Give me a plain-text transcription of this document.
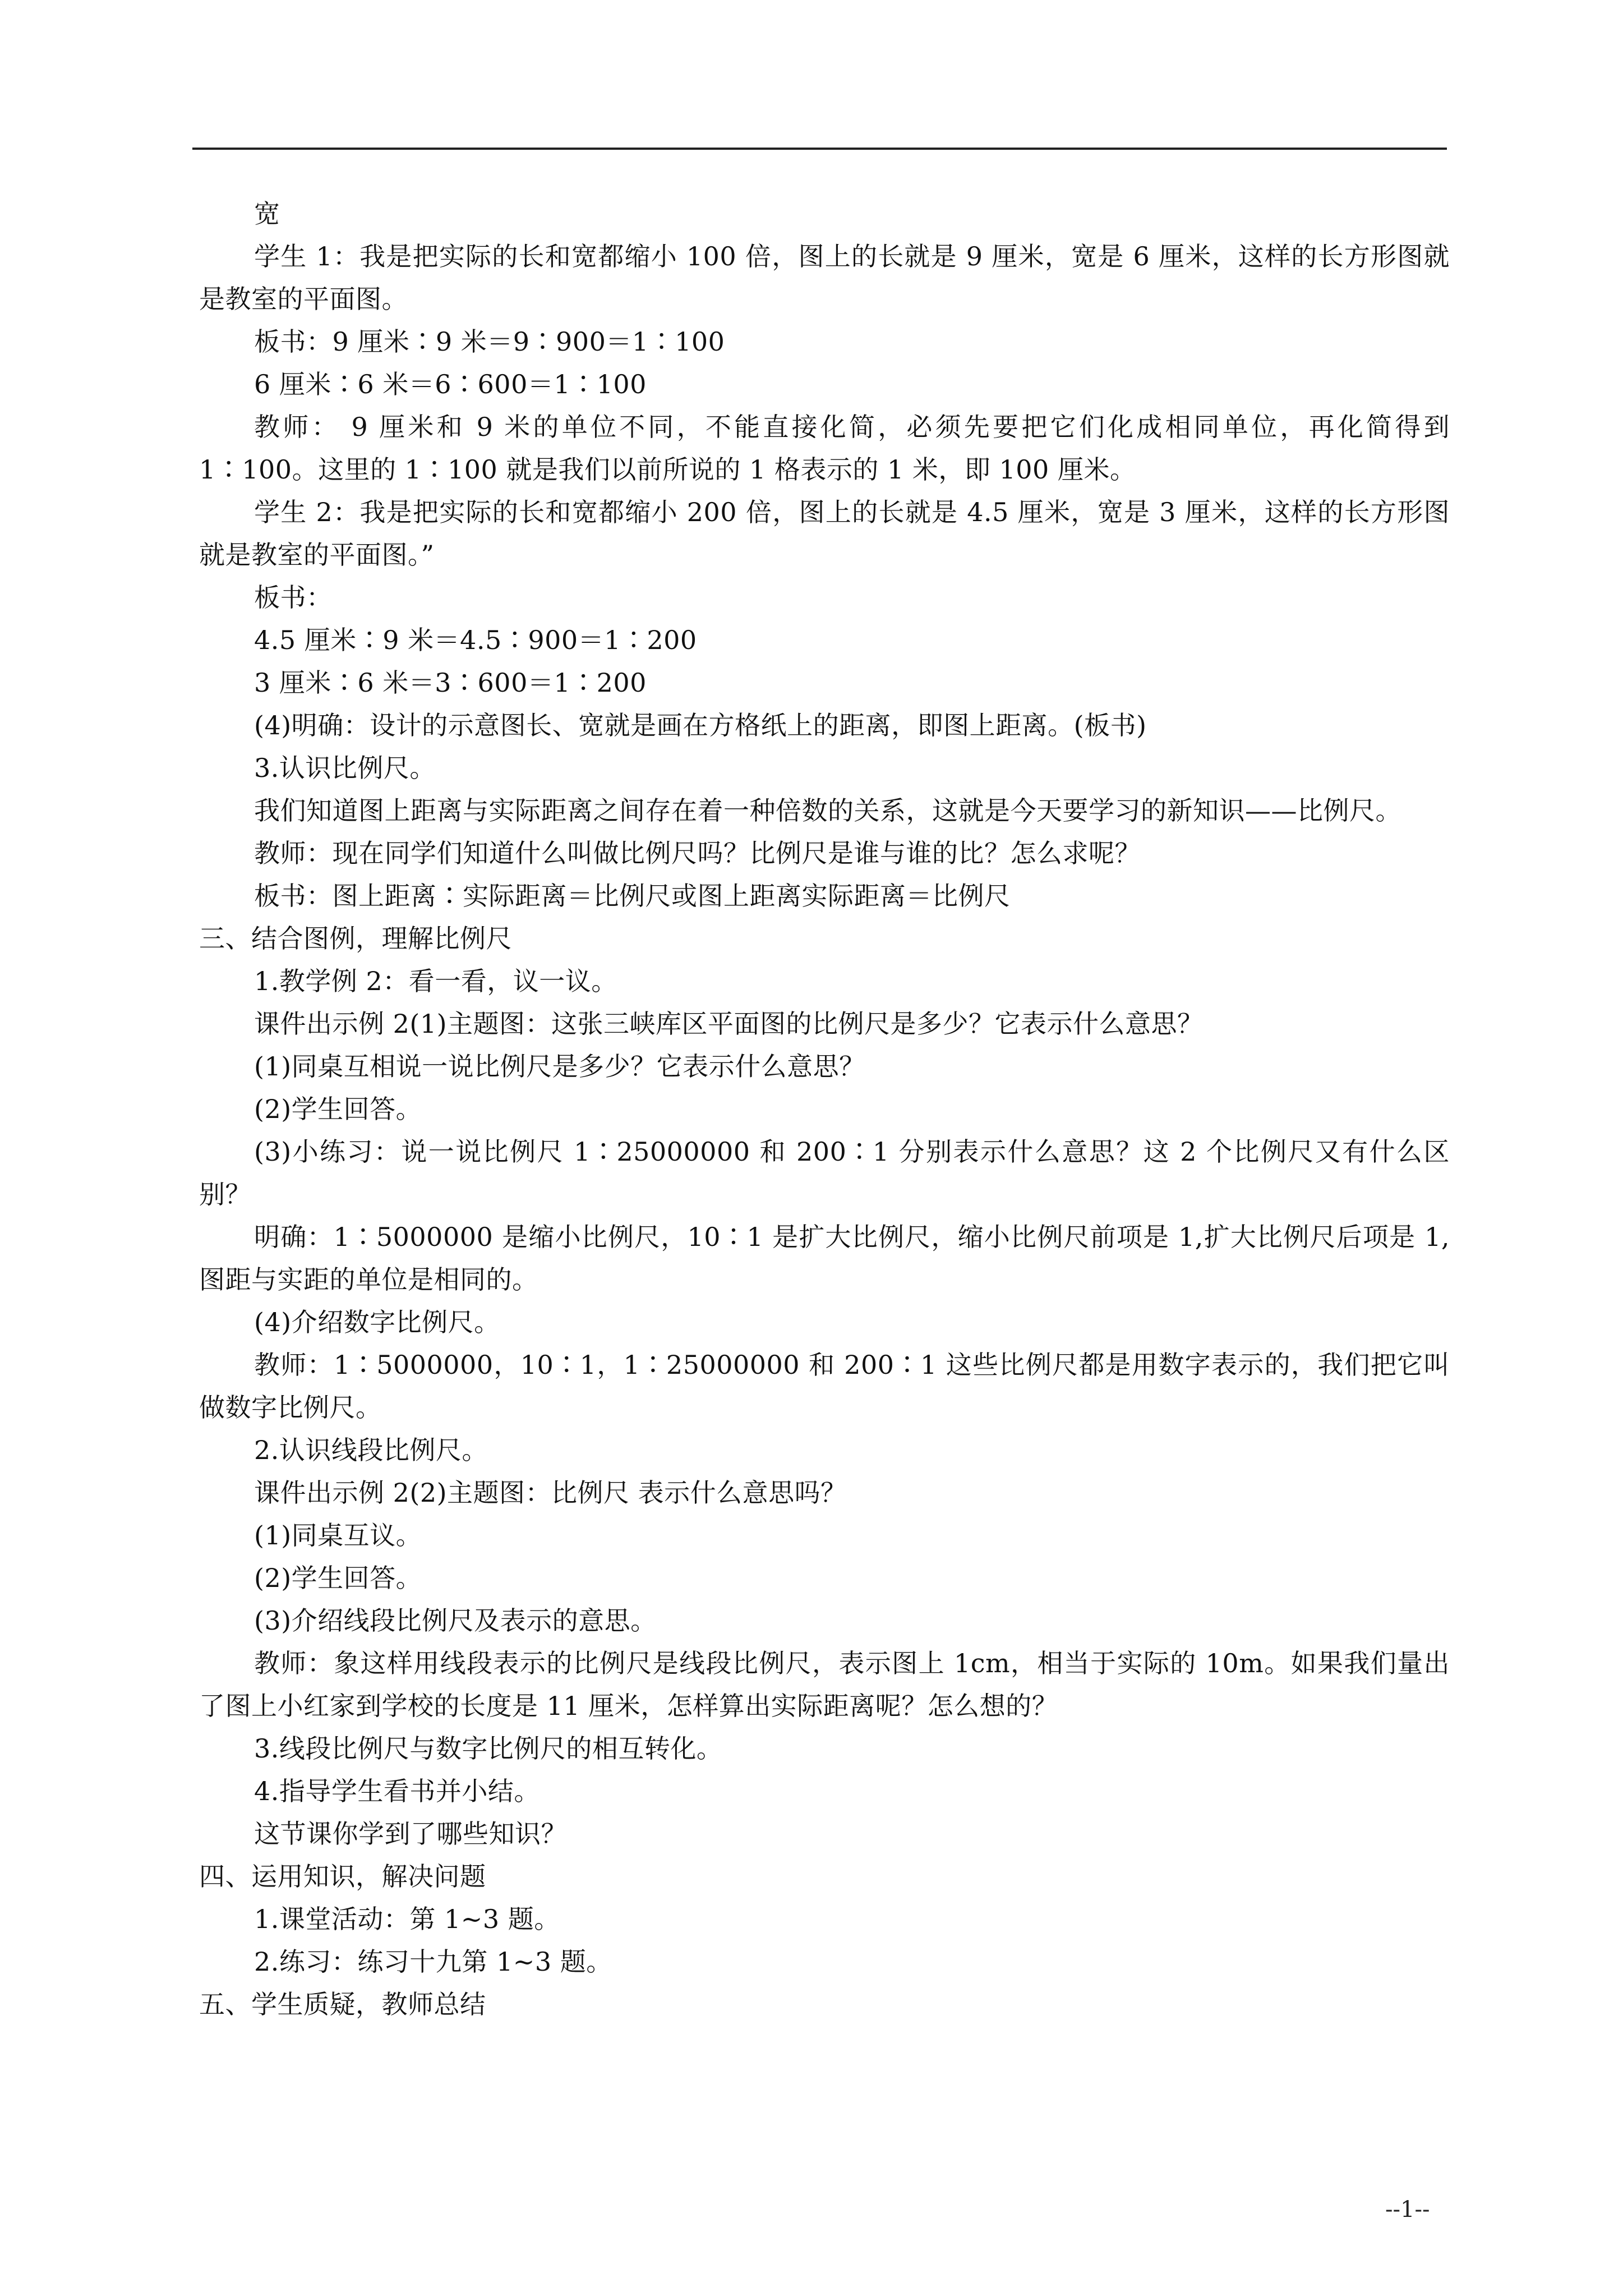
宽
学生 1：我是把实际的长和宽都缩小 100 倍，图上的长就是 9 厘米，宽是 6 厘米，这样的长方形图就是教室的平面图。
板书：9 厘米∶9 米＝9∶900＝1∶100
6 厘米∶6 米＝6∶600＝1∶100
教师： 9 厘米和 9 米的单位不同，不能直接化简，必须先要把它们化成相同单位，再化简得到 1∶100。这里的 1∶100 就是我们以前所说的 1 格表示的 1 米，即 100 厘米。
学生 2：我是把实际的长和宽都缩小 200 倍，图上的长就是 4.5 厘米，宽是 3 厘米，这样的长方形图就是教室的平面图。”
板书：
4.5 厘米∶9 米＝4.5∶900＝1∶200
3 厘米∶6 米＝3∶600＝1∶200
(4)明确：设计的示意图长、宽就是画在方格纸上的距离，即图上距离。(板书)
3.认识比例尺。
我们知道图上距离与实际距离之间存在着一种倍数的关系，这就是今天要学习的新知识——比例尺。
教师：现在同学们知道什么叫做比例尺吗？比例尺是谁与谁的比？怎么求呢？
板书：图上距离∶实际距离＝比例尺或图上距离实际距离＝比例尺
三、结合图例，理解比例尺
1.教学例 2：看一看，议一议。
课件出示例 2(1)主题图：这张三峡库区平面图的比例尺是多少？它表示什么意思？
(1)同桌互相说一说比例尺是多少？它表示什么意思？
(2)学生回答。
(3)小练习：说一说比例尺 1∶25000000 和 200∶1 分别表示什么意思？这 2 个比例尺又有什么区别？
明确：1∶5000000 是缩小比例尺，10∶1 是扩大比例尺，缩小比例尺前项是 1,扩大比例尺后项是 1,图距与实距的单位是相同的。
(4)介绍数字比例尺。
教师：1∶5000000，10∶1，1∶25000000 和 200∶1 这些比例尺都是用数字表示的，我们把它叫做数字比例尺。
2.认识线段比例尺。
课件出示例 2(2)主题图：比例尺 表示什么意思吗？
(1)同桌互议。
(2)学生回答。
(3)介绍线段比例尺及表示的意思。
教师：象这样用线段表示的比例尺是线段比例尺，表示图上 1cm，相当于实际的 10m。如果我们量出了图上小红家到学校的长度是 11 厘米，怎样算出实际距离呢？怎么想的？
3.线段比例尺与数字比例尺的相互转化。
4.指导学生看书并小结。
这节课你学到了哪些知识？
四、运用知识，解决问题
1.课堂活动：第 1~3 题。
2.练习：练习十九第 1~3 题。
五、学生质疑，教师总结
--1--
